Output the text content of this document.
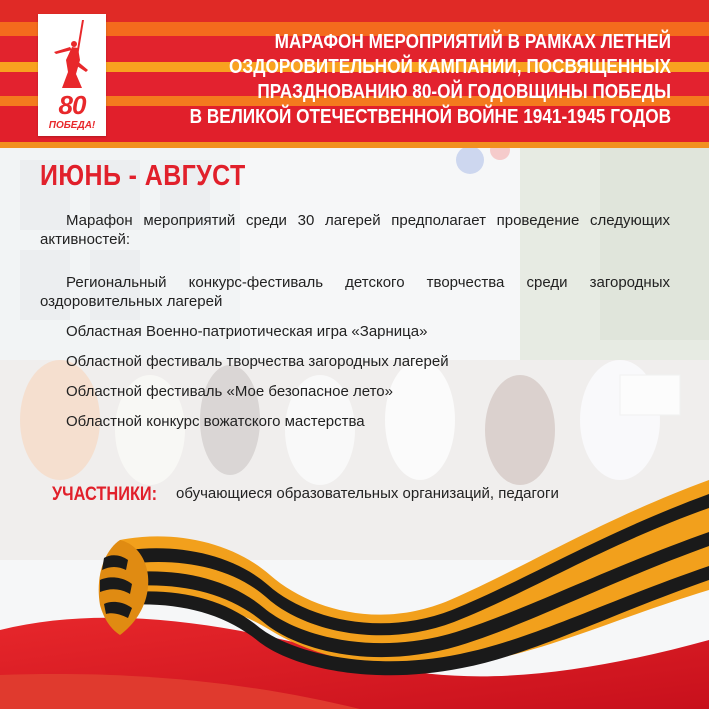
80
ПОБЕДА!
МАРАФОН МЕРОПРИЯТИЙ В РАМКАХ ЛЕТНЕЙ
ОЗДОРОВИТЕЛЬНОЙ КАМПАНИИ, ПОСВЯЩЕННЫХ
ПРАЗДНОВАНИЮ 80-ОЙ ГОДОВЩИНЫ ПОБЕДЫ
В ВЕЛИКОЙ ОТЕЧЕСТВЕННОЙ ВОЙНЕ 1941-1945 ГОДОВ
ИЮНЬ - АВГУСТ
Марафон мероприятий среди 30 лагерей предполагает проведение следующих активностей:
Региональный конкурс-фестиваль детского творчества среди загородных оздоровительных лагерей
Областная Военно-патриотическая игра «Зарница»
Областной фестиваль творчества загородных лагерей
Областной фестиваль «Мое безопасное лето»
Областной конкурс вожатского мастерства
УЧАСТНИКИ: обучающиеся образовательных организаций, педагоги
